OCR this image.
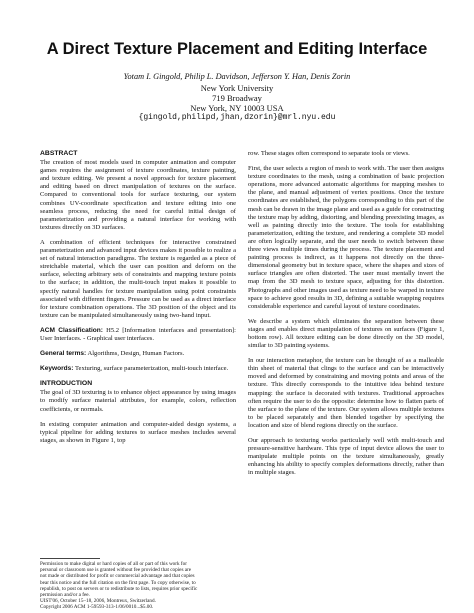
A Direct Texture Placement and Editing Interface
Yotam I. Gingold, Philip L. Davidson, Jefferson Y. Han, Denis Zorin
New York University
719 Broadway
New York, NY 10003 USA
{gingold,philipd,jhan,dzorin}@mrl.nyu.edu
ABSTRACT

The creation of most models used in computer animation and computer games requires the assignment of texture coordinates, texture painting, and texture editing. We present a novel approach for texture placement and editing based on direct manipulation of textures on the surface. Compared to conventional tools for surface texturing, our system combines UV-coordinate specification and texture editing into one seamless process, reducing the need for careful initial design of parameterization and providing a natural interface for working with textures directly on 3D surfaces.

A combination of efficient techniques for interactive constrained parameterization and advanced input devices makes it possible to realize a set of natural interaction paradigms. The texture is regarded as a piece of stretchable material, which the user can position and deform on the surface, selecting arbitrary sets of constraints and mapping texture points to the surface; in addition, the multi-touch input makes it possible to specify natural handles for texture manipulation using point constraints associated with different fingers. Pressure can be used as a direct interface for texture combination operations. The 3D position of the object and its texture can be manipulated simultaneously using two-hand input.

ACM Classification: H5.2 [Information interfaces and presentation]: User Interfaces. - Graphical user interfaces.
General terms: Algorithms, Design, Human Factors.
Keywords: Texturing, surface parameterization, multi-touch interface.
INTRODUCTION

The goal of 3D texturing is to enhance object appearance by using images to modify surface material attributes, for example, colors, reflection coefficients, or normals.

In existing computer animation and computer-aided design systems, a typical pipeline for adding textures to surface meshes includes several stages, as shown in Figure 1, top

Permission to make digital or hard copies of all or part of this work for
personal or classroom use is granted without fee provided that copies are
not made or distributed for profit or commercial advantage and that copies
bear this notice and the full citation on the first page. To copy otherwise, to
republish, to post on servers or to redistribute to lists, requires prior specific
permission and/or a fee.
UIST'06, October 15–18, 2006, Montreux, Switzerland.
Copyright 2006 ACM 1-59593-313-1/06/0010...$5.00.

row. These stages often correspond to separate tools or views.

First, the user selects a region of mesh to work with. The user then assigns texture coordinates to the mesh, using a combination of basic projection operations, more advanced automatic algorithms for mapping meshes to the plane, and manual adjustment of vertex positions. Once the texture coordinates are established, the polygons corresponding to this part of the mesh can be drawn in the image plane and used as a guide for constructing the texture map by adding, distorting, and blending preexisting images, as well as painting directly into the texture. The tools for establishing parameterization, editing the texture, and rendering a complete 3D model are often logically separate, and the user needs to switch between these three views multiple times during the process. The texture placement and painting process is indirect, as it happens not directly on the three-dimensional geometry but in texture space, where the shapes and sizes of surface triangles are often distorted. The user must mentally invert the map from the 3D mesh to texture space, adjusting for this distortion. Photographs and other images used as texture need to be warped in texture space to achieve good results in 3D, defining a suitable wrapping requires considerable experience and careful layout of texture coordinates.

We describe a system which eliminates the separation between these stages and enables direct manipulation of textures on surfaces (Figure 1, bottom row). All texture editing can be done directly on the 3D model, similar to 3D painting systems.

In our interaction metaphor, the texture can be thought of as a malleable thin sheet of material that clings to the surface and can be interactively moved and deformed by constraining and moving points and areas of the texture. This directly corresponds to the intuitive idea behind texture mapping: the surface is decorated with textures. Traditional approaches often require the user to do the opposite: determine how to flatten parts of the surface to the plane of the texture. Our system allows multiple textures to be placed separately and then blended together by specifying the location and size of blend regions directly on the surface.

Our approach to texturing works particularly well with multi-touch and pressure-sensitive hardware. This type of input device allows the user to manipulate multiple points on the texture simultaneously, greatly enhancing his ability to specify complex deformations directly, rather than in multiple stages.
